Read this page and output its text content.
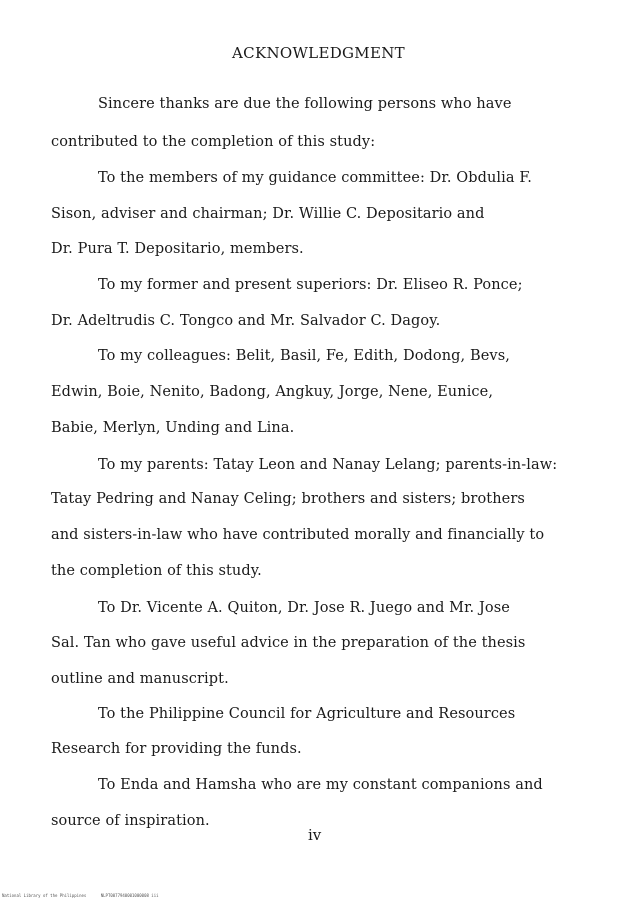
ACKNOWLEDGMENT
Sincere thanks are due the following persons who have
contributed to the completion of this study:
To the members of my guidance committee: Dr. Obdulia F.
Sison, adviser and chairman; Dr. Willie C. Depositario and
Dr. Pura T. Depositario, members.
To my former and present superiors: Dr. Eliseo R. Ponce;
Dr. Adeltrudis C. Tongco and Mr. Salvador C. Dagoy.
To my colleagues: Belit, Basil, Fe, Edith, Dodong, Bevs,
Edwin, Boie, Nenito, Badong, Angkuy, Jorge, Nene, Eunice,
Babie, Merlyn, Unding and Lina.
To my parents: Tatay Leon and Nanay Lelang; parents-in-law:
Tatay Pedring and Nanay Celing; brothers and sisters; brothers
and sisters-in-law who have contributed morally and financially to
the completion of this study.
To Dr. Vicente A. Quiton, Dr. Jose R. Juego and Mr. Jose
Sal. Tan who gave useful advice in the preparation of the thesis
outline and manuscript.
To the Philippine Council for Agriculture and Resources
Research for providing the funds.
To Enda and Hamsha who are my constant companions and
source of inspiration.
iv
National Library of the Philippines	NLPT0077940001000008 iii
